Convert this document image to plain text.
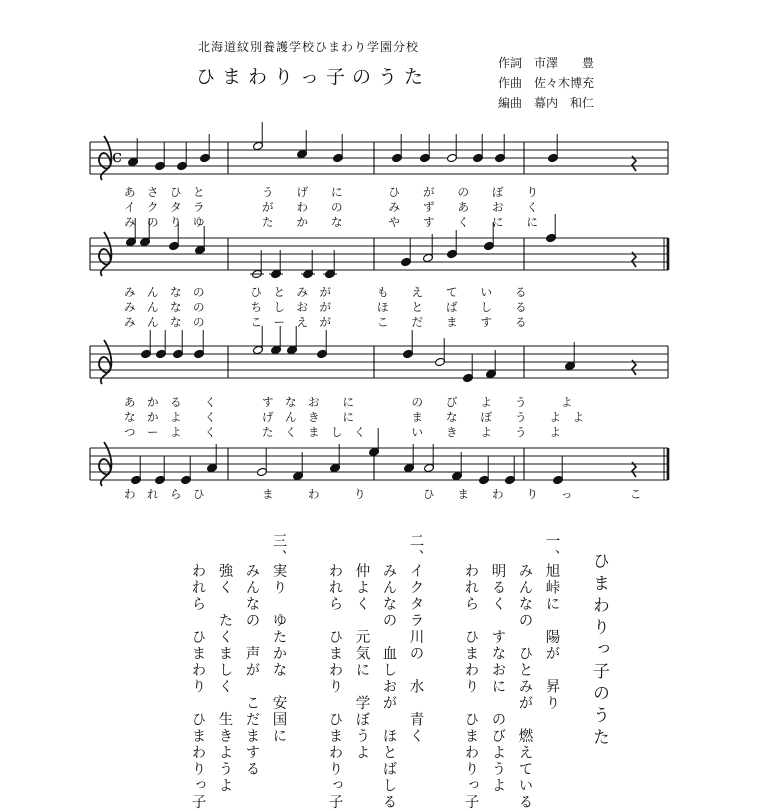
北海道紋別養護学校ひまわり学園分校
ひまわりっ子のうた
作詞　市澤　　豊
作曲　佐々木博充
編曲　幕内　和仁
c
あ　さ　ひ　と　　　　　う　　げ　　に　　　　ひ　　が　　の　　ぼ　　り
イ　ク　タ　ラ　　　　　が　　わ　　の　　　　み　　ず　　あ　　お　　く
み　の　り　ゆ　　　　　た　　か　　な　　　　や　　す　　く　　に　　に
み　ん　な　の　　　　ひ　と　み　が　　　　も　　え　　て　　い　　る
み　ん　な　の　　　　ち　し　お　が　　　　ほ　　と　　ば　　し　　る
み　ん　な　の　　　　こ　ー　え　が　　　　こ　　だ　　ま　　す　　る
あ　か　る　　く　　　　す　な　お　　に　　　　　の　　び　　よ　　う　　　よ
な　か　よ　　く　　　　げ　ん　き　　に　　　　　ま　　な　　ぼ　　う　　よ　よ
つ　ー　よ　　く　　　　た　く　ま　し　く　　　　い　　き　　よ　　う　　よ
わ　れ　ら　ひ　　　　　ま　　　わ　　　り　　　　　ひ　　ま　　わ　　り　　っ　　　　　こ
ひまわりっ子のうた
一、
旭峠に　陽が　昇り
みんなの　ひとみが　燃えている
明るく　すなおに　のびようよ
われら　ひまわり　ひまわりっ子
二、
イクタラ川の　水　青く
みんなの　血しおが　ほとばしる
仲よく　元気に　学ぼうよ
われら　ひまわり　ひまわりっ子
三、
実り　ゆたかな　安国に
みんなの　声が　こだまする
強く　たくましく　生きようよ
われら　ひまわり　ひまわりっ子
